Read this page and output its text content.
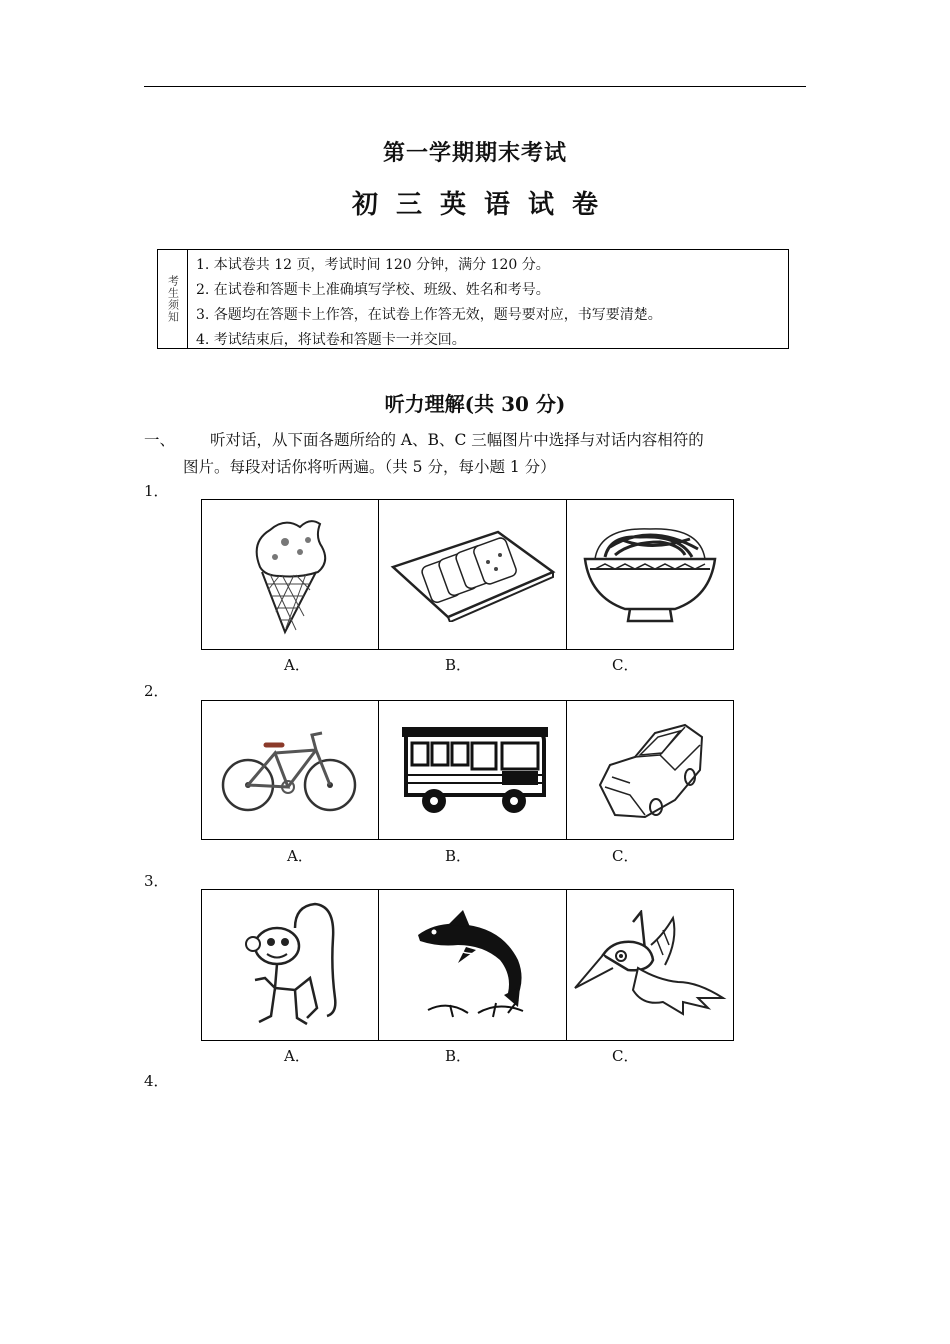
第一学期期末考试
初三英语试卷
考生须知
1. 本试卷共 12 页，考试时间 120 分钟，满分 120 分。
2. 在试卷和答题卡上准确填写学校、班级、姓名和考号。
3. 各题均在答题卡上作答，在试卷上作答无效，题号要对应，书写要清楚。
4. 考试结束后，将试卷和答题卡一并交回。
听力理解(共 30 分)
一、 听对话，从下面各题所给的 A、B、C 三幅图片中选择与对话内容相符的
图片。每段对话你将听两遍。（共 5 分，每小题 1 分）
1．
A．	B．	C．
2．
A．	B．	C．
3．
A．	B．	C．
4．
